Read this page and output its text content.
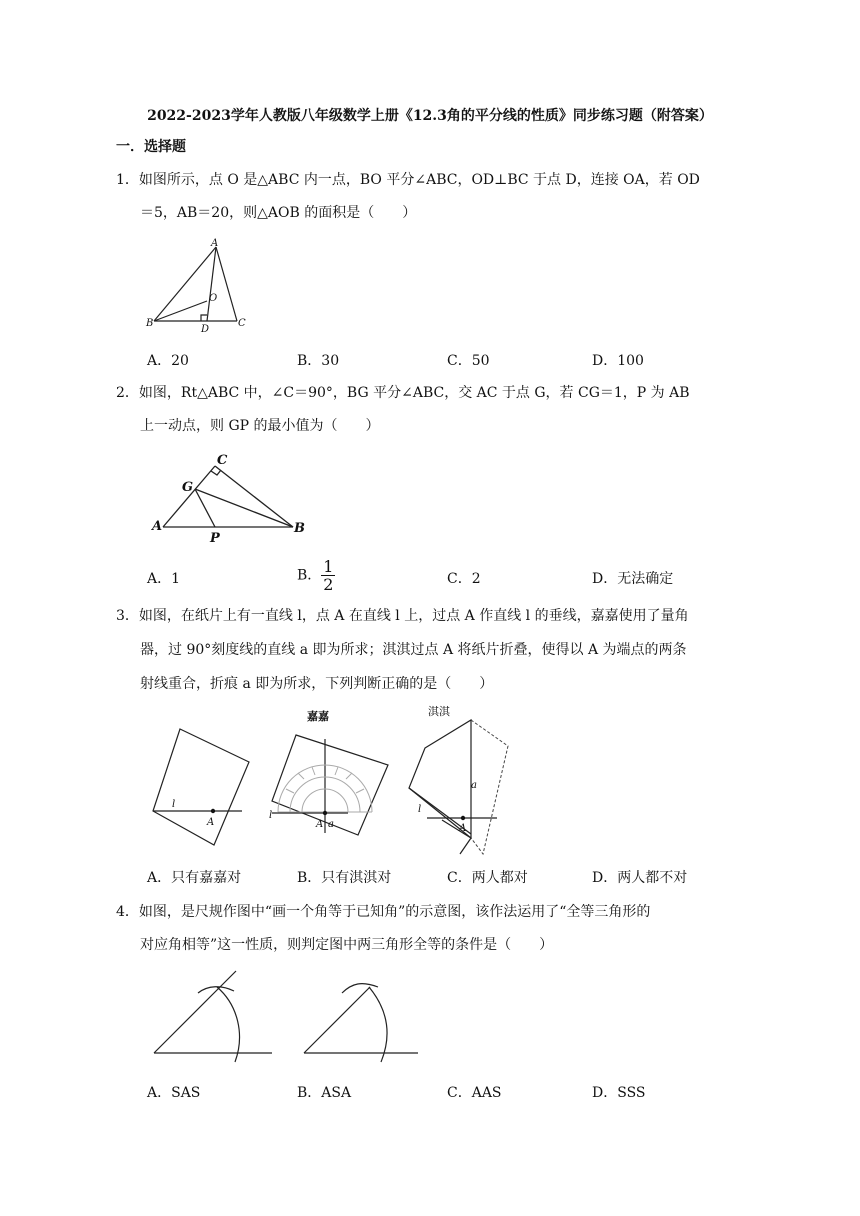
2022-2023学年人教版八年级数学上册《12.3角的平分线的性质》同步练习题（附答案）
一．选择题
1．如图所示，点 O 是△ABC 内一点，BO 平分∠ABC，OD⊥BC 于点 D，连接 OA，若 OD
＝5，AB＝20，则△AOB 的面积是（　　）
A
B	C
D
O
A．20	B．30	C．50	D．100
2．如图，Rt△ABC 中，∠C＝90°，BG 平分∠ABC，交 AC 于点 G，若 CG＝1，P 为 AB
上一动点，则 GP 的最小值为（　　）
C
G
A	B
P
A．1	B． $\frac{1}{2}$	C．2	D．无法确定
3．如图，在纸片上有一直线 l，点 A 在直线 l 上，过点 A 作直线 l 的垂线，嘉嘉使用了量角
器，过 90°刻度线的直线 a 即为所求；淇淇过点 A 将纸片折叠，使得以 A 为端点的两条
射线重合，折痕 a 即为所求，下列判断正确的是（　　）
嘉嘉	淇淇
l
A
l
A a
l
A
a
A．只有嘉嘉对	B．只有淇淇对	C．两人都对	D．两人都不对
4．如图，是尺规作图中“画一个角等于已知角”的示意图，该作法运用了“全等三角形的
对应角相等”这一性质，则判定图中两三角形全等的条件是（　　）
A．SAS	B．ASA	C．AAS	D．SSS
